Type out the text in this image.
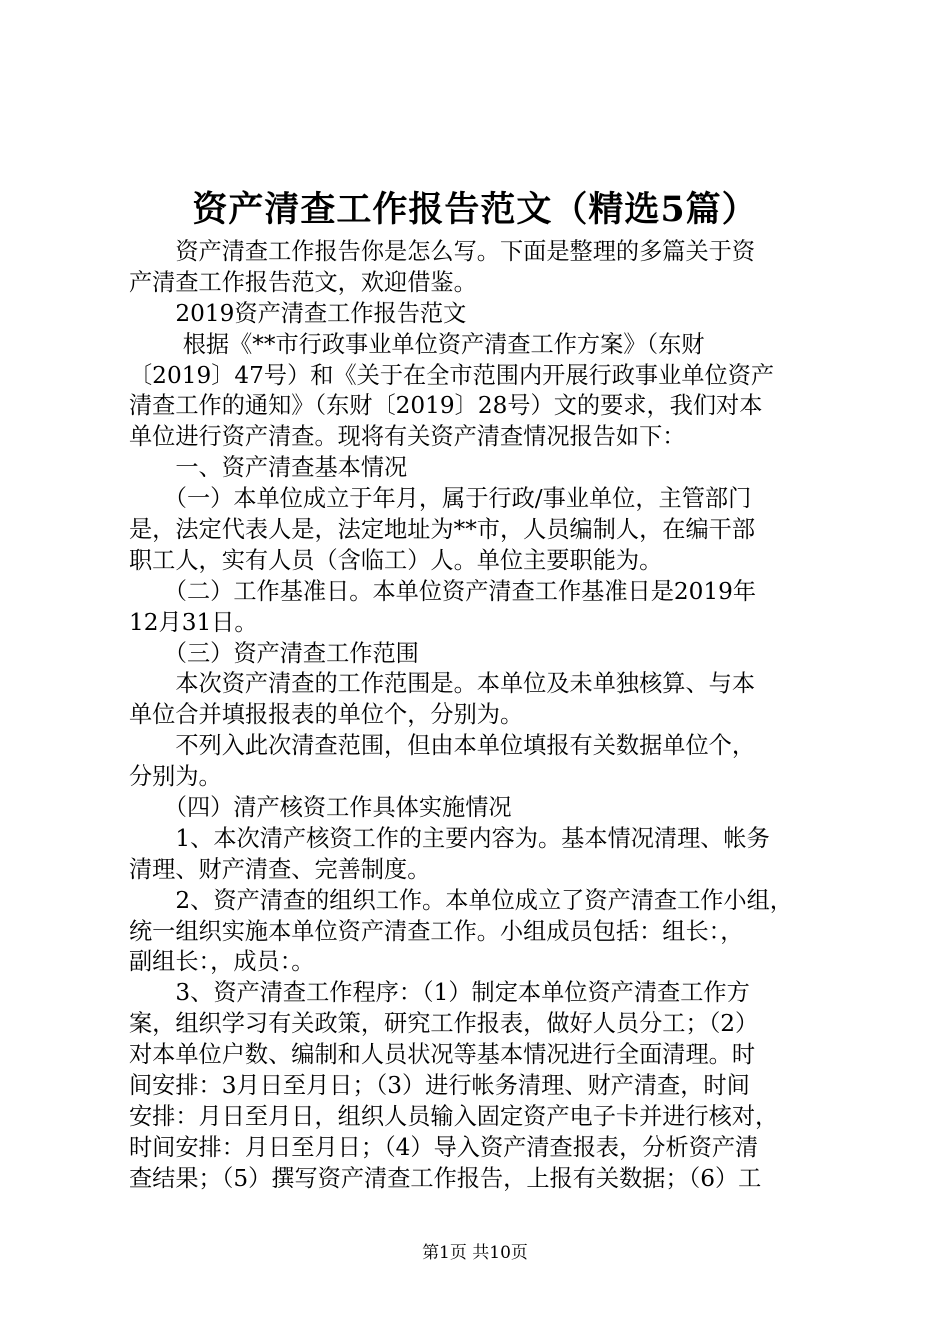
资产清查工作报告范文（精选5篇）
　　资产清查工作报告你是怎么写。下面是整理的多篇关于资
产清查工作报告范文，欢迎借鉴。
　　2019资产清查工作报告范文
　　 根据《**市行政事业单位资产清查工作方案》（东财
〔2019〕47号）和《关于在全市范围内开展行政事业单位资产
清查工作的通知》（东财〔2019〕28号）文的要求，我们对本
单位进行资产清查。现将有关资产清查情况报告如下：
　　一、资产清查基本情况
　　（一）本单位成立于年月，属于行政/事业单位，主管部门
是，法定代表人是，法定地址为**市，人员编制人，在编干部
职工人，实有人员（含临工）人。单位主要职能为。
　　（二）工作基准日。本单位资产清查工作基准日是2019年
12月31日。
　　（三）资产清查工作范围
　　本次资产清查的工作范围是。本单位及未单独核算、与本
单位合并填报报表的单位个，分别为。
　　不列入此次清查范围，但由本单位填报有关数据单位个，
分别为。
　　（四）清产核资工作具体实施情况
　　1、本次清产核资工作的主要内容为。基本情况清理、帐务
清理、财产清查、完善制度。
　　2、资产清查的组织工作。本单位成立了资产清查工作小组，
统一组织实施本单位资产清查工作。小组成员包括：组长：，
副组长：，成员：。
　　3、资产清查工作程序：（1）制定本单位资产清查工作方
案，组织学习有关政策，研究工作报表，做好人员分工；（2）
对本单位户数、编制和人员状况等基本情况进行全面清理。时
间安排：3月日至月日；（3）进行帐务清理、财产清查，时间
安排：月日至月日，组织人员输入固定资产电子卡并进行核对，
时间安排：月日至月日；（4）导入资产清查报表，分析资产清
查结果；（5）撰写资产清查工作报告，上报有关数据；（6）工
第1页 共10页
